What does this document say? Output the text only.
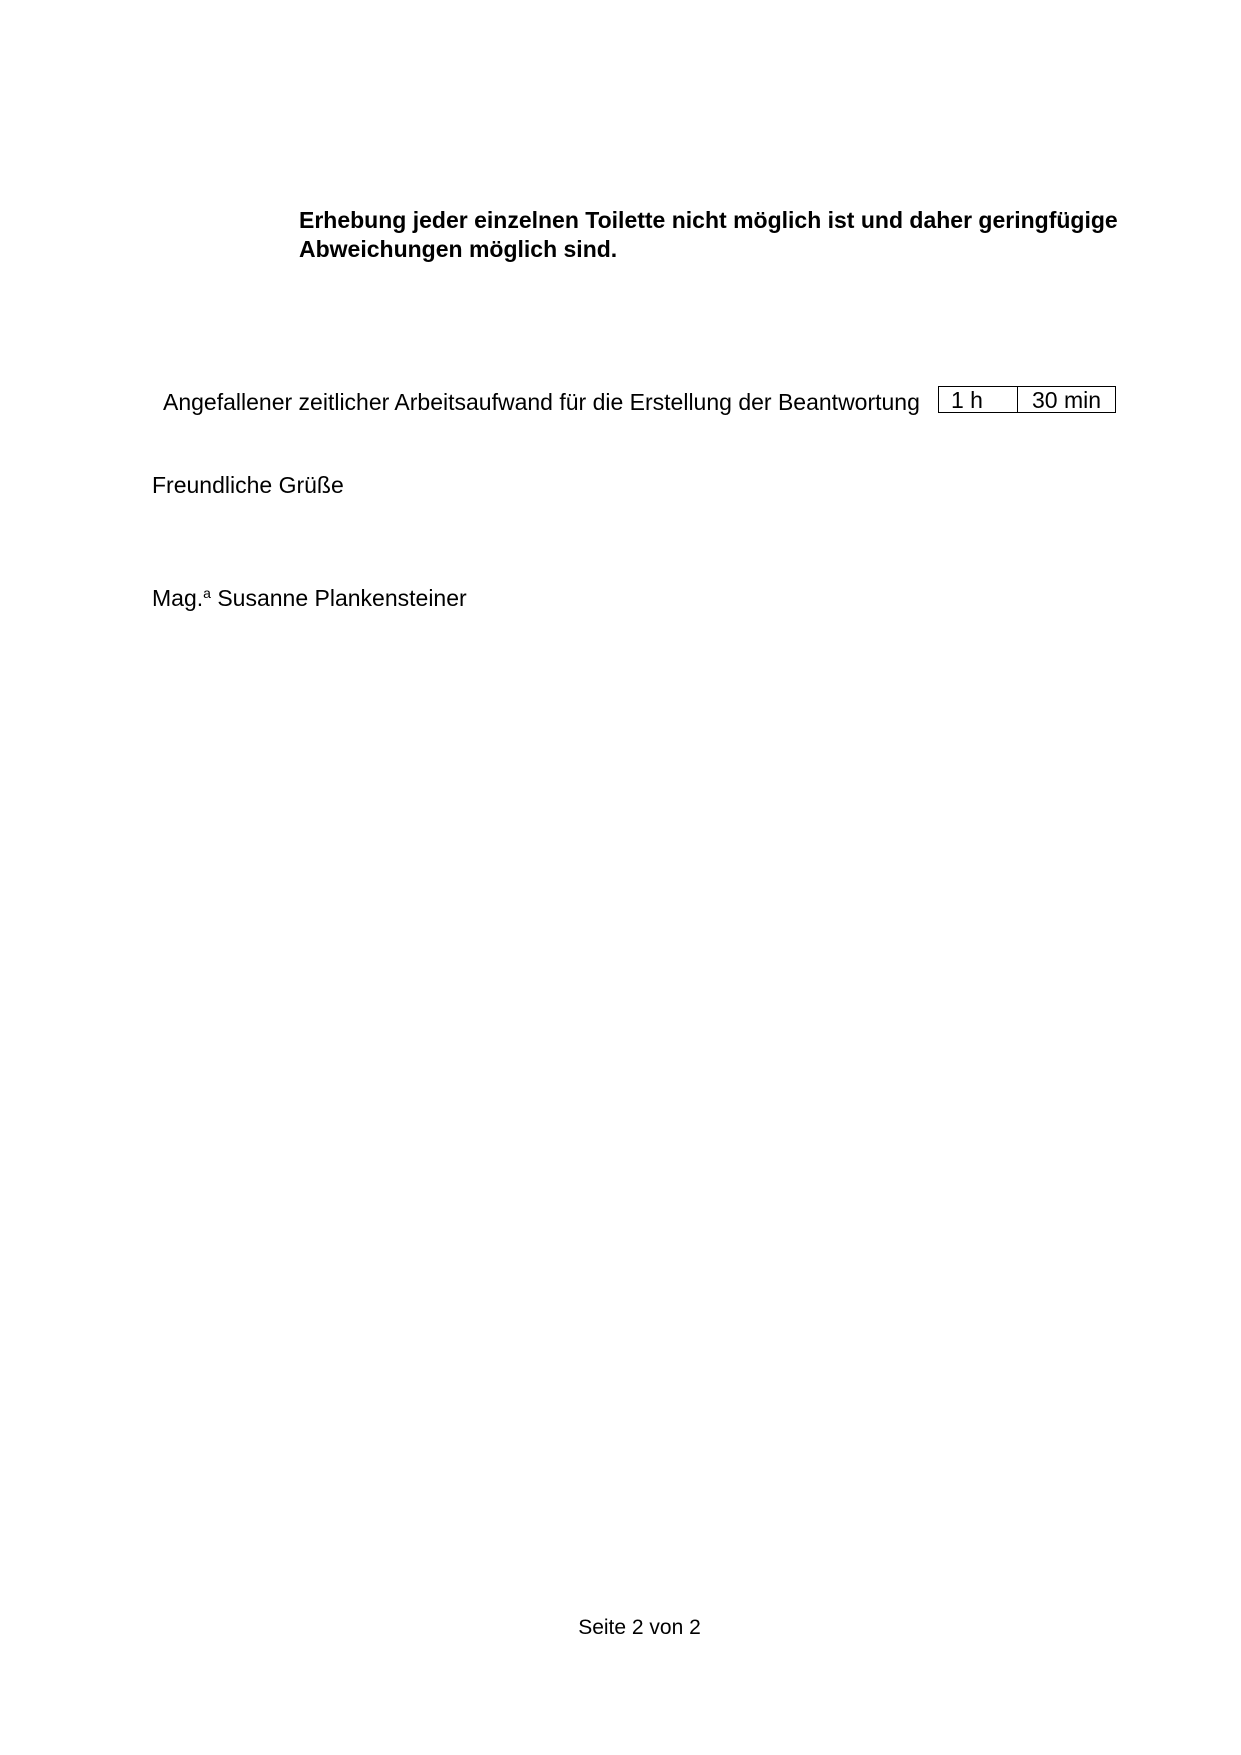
Erhebung jeder einzelnen Toilette nicht möglich ist und daher geringfügige
Abweichungen möglich sind.
Angefallener zeitlicher Arbeitsaufwand für die Erstellung der Beantwortung 1 h	30 min
Freundliche Grüße
Mag.$^a$ Susanne Plankensteiner
Seite 2 von 2
